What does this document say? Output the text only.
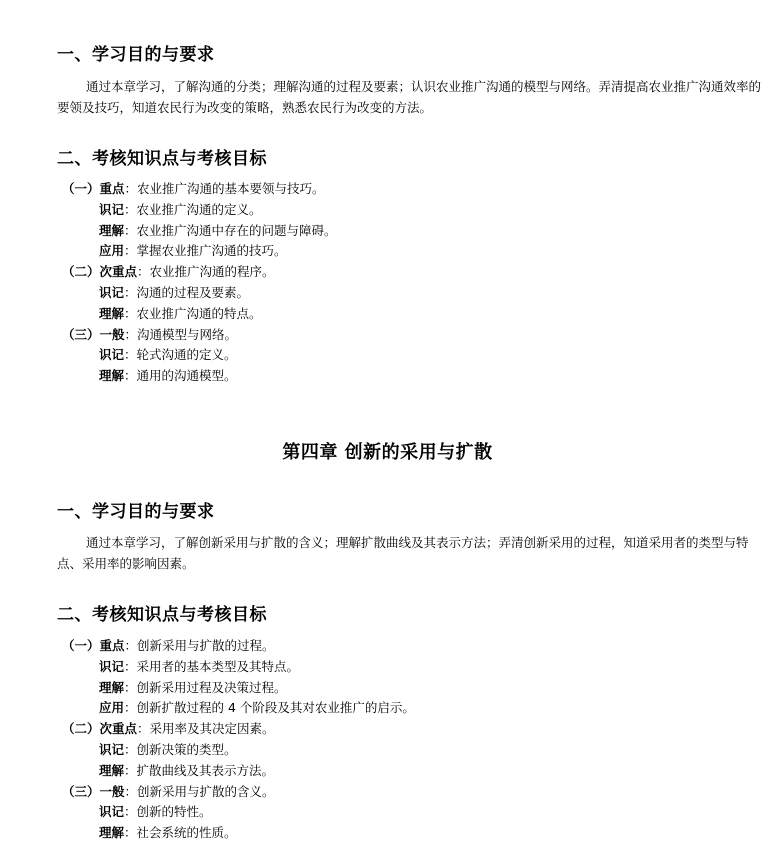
一、学习目的与要求

通过本章学习，了解沟通的分类；理解沟通的过程及要素；认识农业推广沟通的模型与网络。弄清提高农业推广沟通效率的要领及技巧，知道农民行为改变的策略，熟悉农民行为改变的方法。

二、考核知识点与考核目标
（一）重点：农业推广沟通的基本要领与技巧。
识记：农业推广沟通的定义。
理解：农业推广沟通中存在的问题与障碍。
应用：掌握农业推广沟通的技巧。
（二）次重点：农业推广沟通的程序。
识记：沟通的过程及要素。
理解：农业推广沟通的特点。
（三）一般：沟通模型与网络。
识记：轮式沟通的定义。
理解：通用的沟通模型。
第四章 创新的采用与扩散
一、学习目的与要求

通过本章学习，了解创新采用与扩散的含义；理解扩散曲线及其表示方法；弄清创新采用的过程，知道采用者的类型与特点、采用率的影响因素。

二、考核知识点与考核目标
（一）重点：创新采用与扩散的过程。
识记：采用者的基本类型及其特点。
理解：创新采用过程及决策过程。
应用：创新扩散过程的 4 个阶段及其对农业推广的启示。
（二）次重点：采用率及其决定因素。
识记：创新决策的类型。
理解：扩散曲线及其表示方法。
（三）一般：创新采用与扩散的含义。
识记：创新的特性。
理解：社会系统的性质。
